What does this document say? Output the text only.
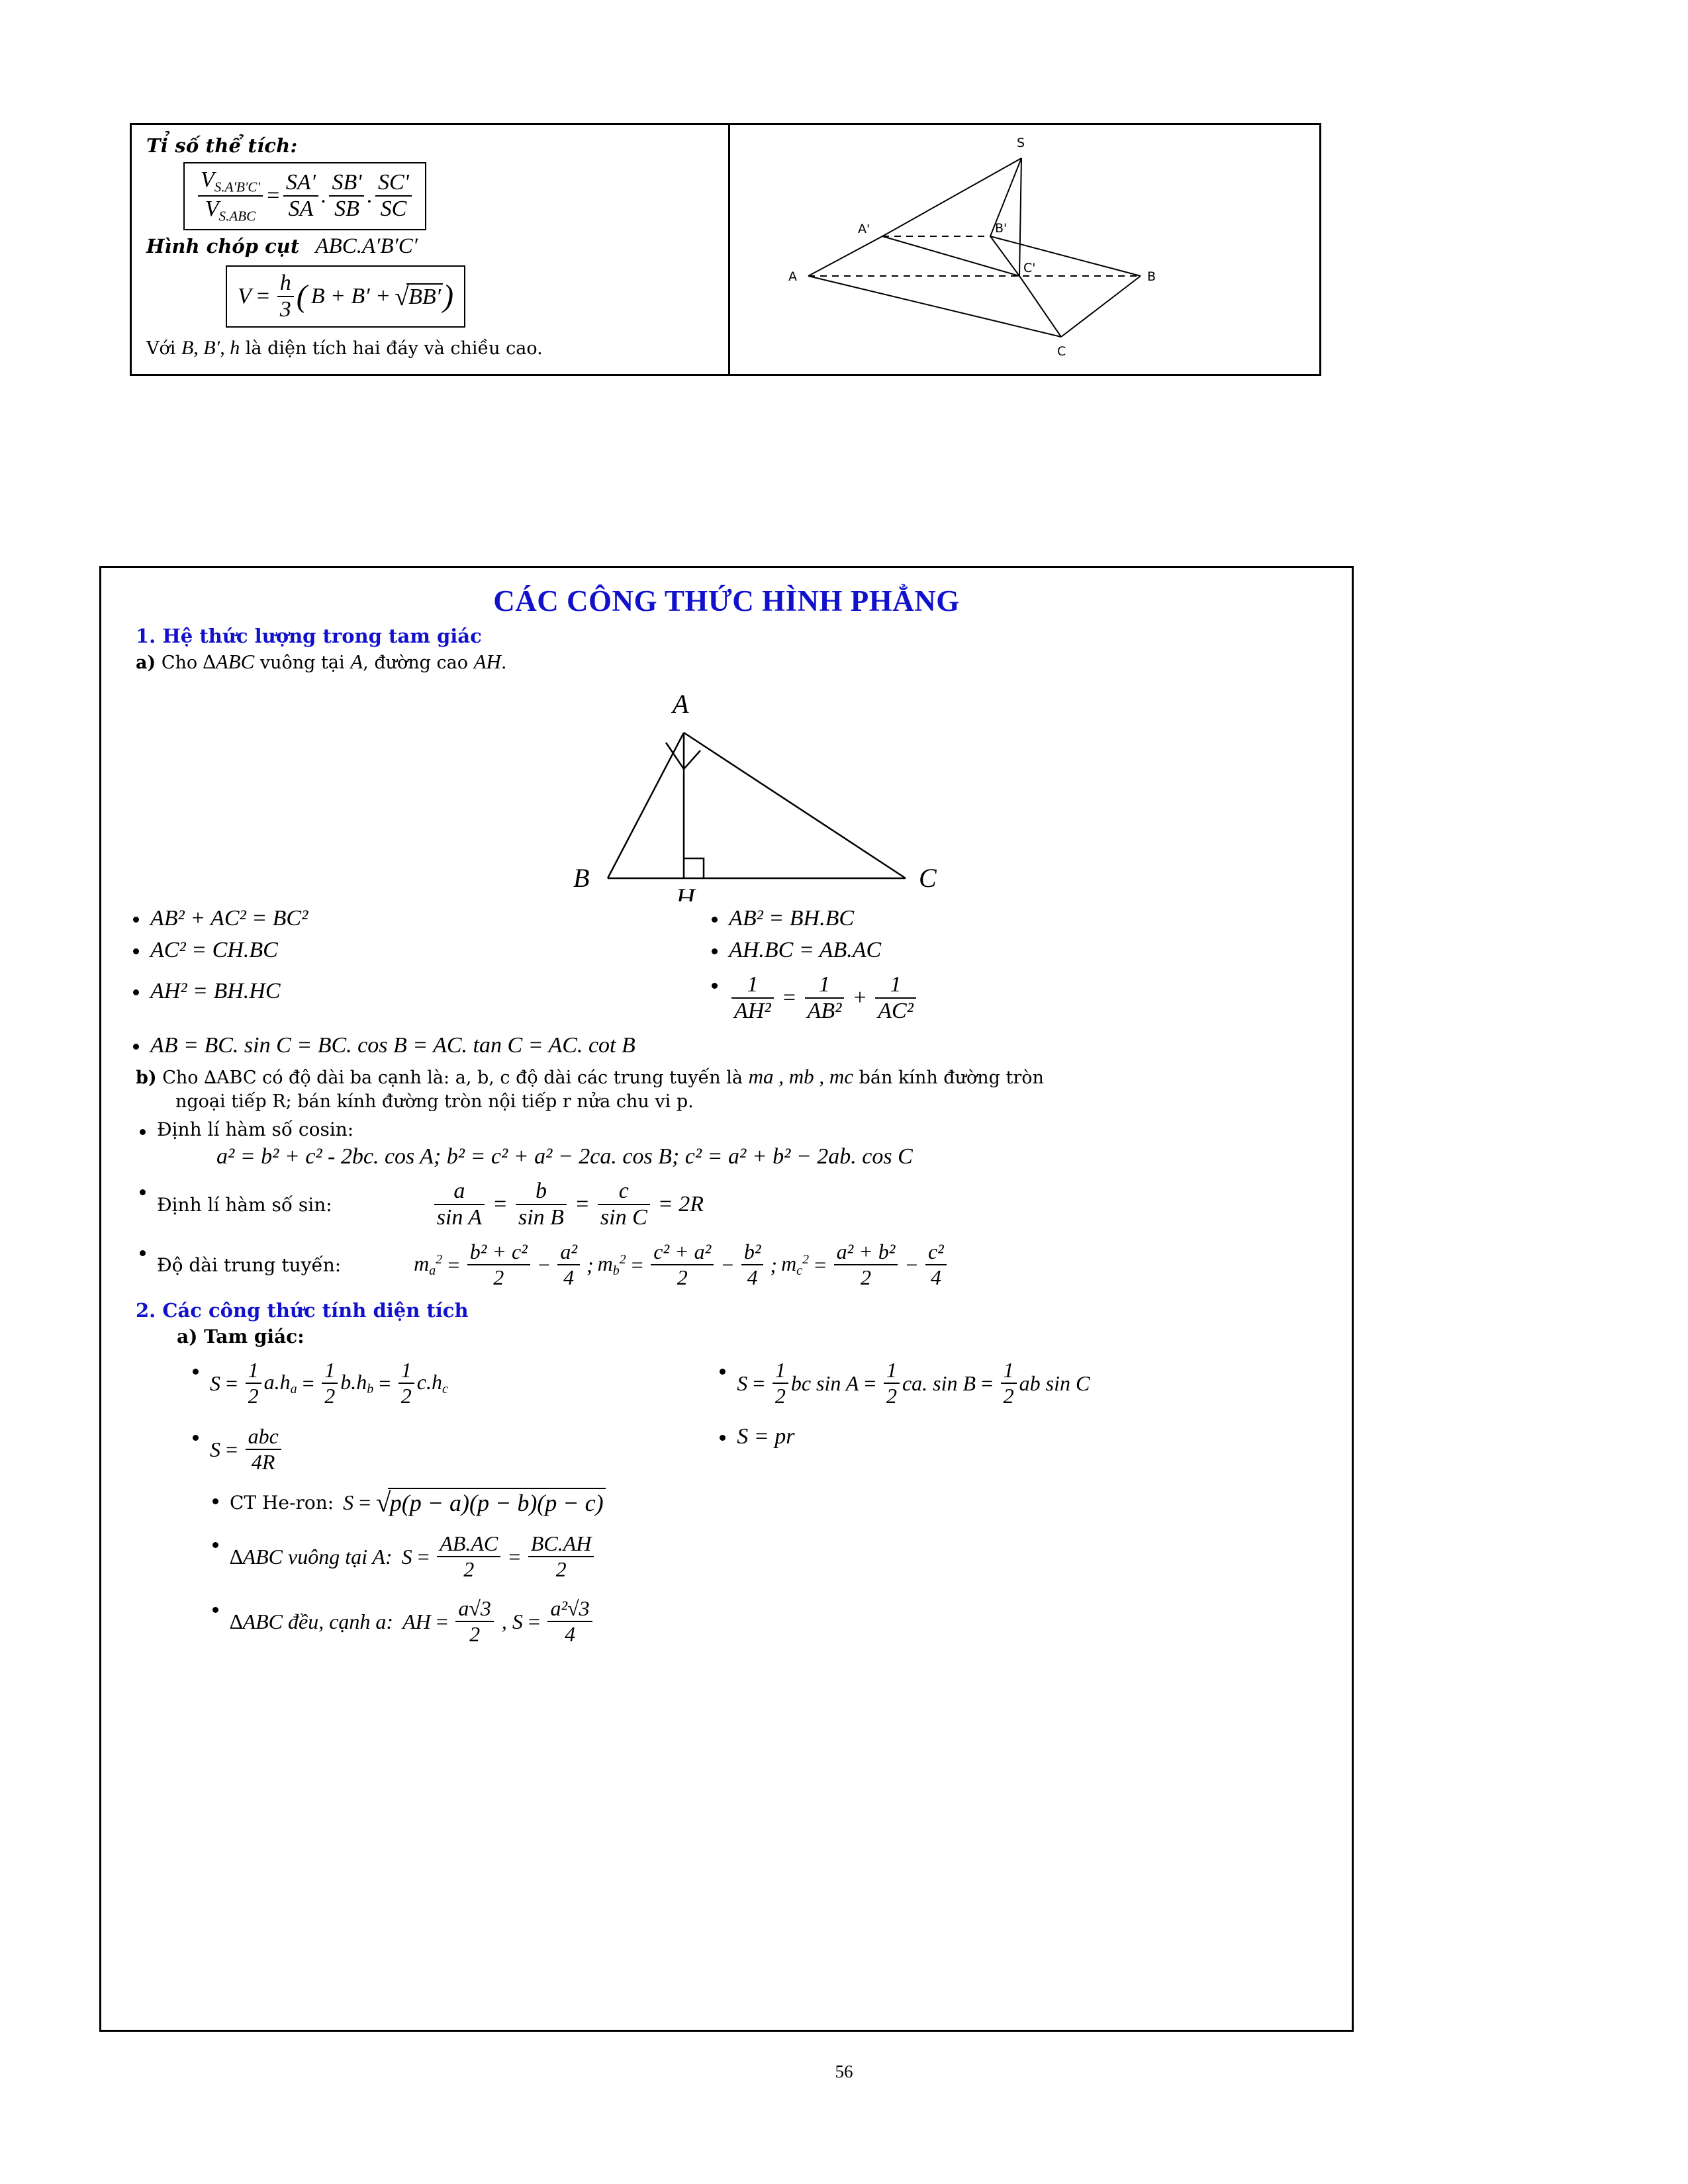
Tỉ số thể tích:
$\frac{V_{S.A'B'C'}}{V_{S.ABC}} = \frac{SA'}{SA}$ . $\frac{SB'}{SB}$ . $\frac{SC'}{SC}$
Hình chóp cụt ABC.A′B′C′
$V = \frac{h}{3}$ ( B + B′ + √ BB′ )
Với B, B′, h là diện tích hai đáy và chiều cao.
S
A'	B'
C'
A	B
C
CÁC CÔNG THỨC HÌNH PHẲNG
1. Hệ thức lượng trong tam giác
a) Cho ∆ABC vuông tại A, đường cao AH.
A
B
H
C
AB² + AC² = BC²
AC² = CH.BC
AH² = BH.HC
AB² = BH.BC
AH.BC = AB.AC
$\frac{1}{\text{AH²}} = \frac{1}{\text{AB²}} + \frac{1}{\text{AC²}}$
AB = BC. sin C = BC. cos B = AC. tan C = AC. cot B
b) Cho ∆ABC có độ dài ba cạnh là: a, b, c độ dài các trung tuyến là ma , mb , mc bán kính đường tròn
ngoại tiếp R; bán kính đường tròn nội tiếp r nửa chu vi p.
Định lí hàm số cosin:
a² = b² + c² - 2bc. cos A; b² = c² + a² − 2ca. cos B; c² = a² + b² − 2ab. cos C
Định lí hàm số sin:	$\frac{a}{\text{sin A}} = \frac{b}{\text{sin B}} = \frac{c}{\text{sin C}} = 2R$
Độ dài trung tuyến:	$ma^2 = \frac{\text{b² + c²}}{2} - \frac{\text{a²}}{4}$ ; $mb^2 = \frac{\text{c² + a²}}{2} - \frac{\text{b²}}{4}$ ; $mc^2 = \frac{\text{a² + b²}}{2} - \frac{\text{c²}}{4}$
2. Các công thức tính diện tích
a) Tam giác:
$S = \frac{1}{2} a.ha = \frac{1}{2} b.hb = \frac{1}{2} c.hc$
$S = \frac{\text{abc}}{4R}$
$S = \frac{1}{2}$ bc $\sin A = \frac{1}{2}$ ca. $\sin B = \frac{1}{2}$ ab sin C
S = pr
CT He-ron: S = √ p(p − a)(p − b)(p − c)
∆ABC vuông tại A: $S = \frac{AB.AC}{2} = \frac{BC.AH}{2}$
∆ABC đều, cạnh a: AH = $\frac{a√3}{2}$ , $S = \frac{\text{a²√3}}{4}$
56
